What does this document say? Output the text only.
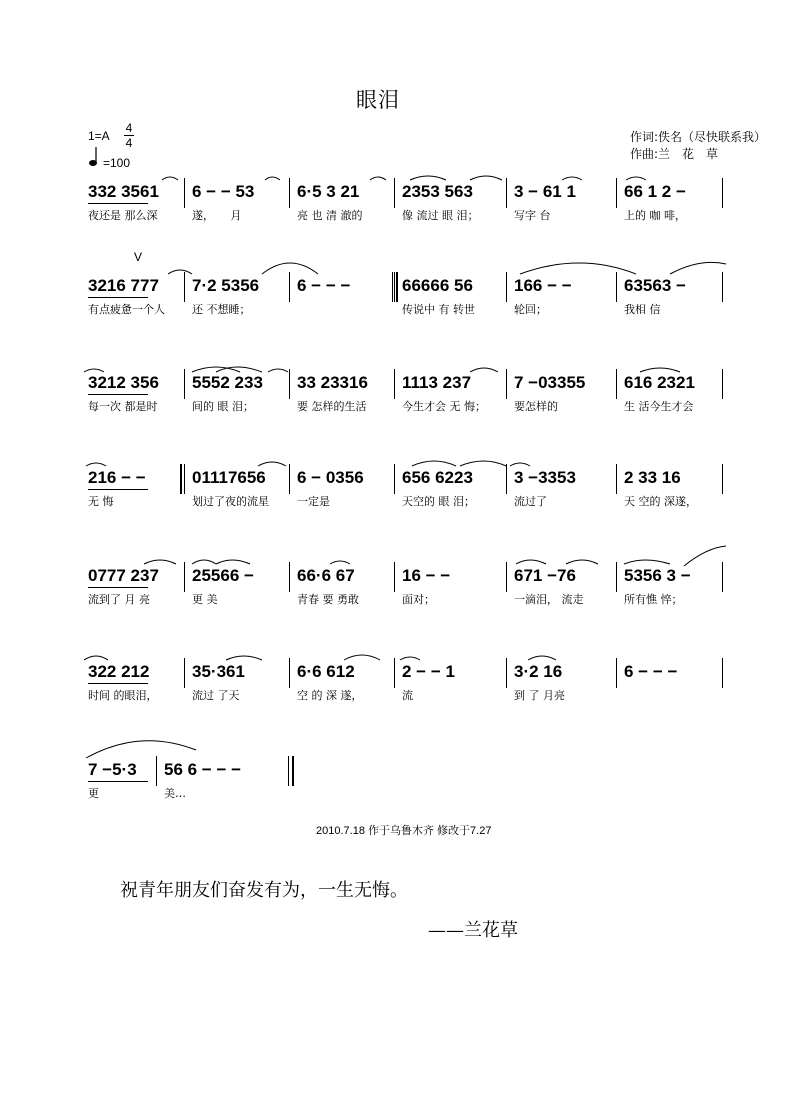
眼泪
1=A
4
4
=100
作词:佚名（尽快联系我）
作曲:兰　花　草
V
332 3561
夜还是 那么深
6 − − 53
遂，　　月
6·5 3 21
亮 也 清 澈的
2353 563
像 流过 眼 泪；
3 − 61 1
写字 台
66 1 2 −
上的 咖 啡，
3216 777
有点疲惫一个人
7·2 5356
还 不想睡；
6 − − −	66666 56
传说中 有 转世
166 − −
轮回；
63563 −
我相 信
3212 356
每一次 都是时
5552 233
间的 眼 泪；
33 23316
要 怎样的生活
1113 237
今生才会 无 悔；
7 −03355
要怎样的
616 2321
生 活今生才会
216 − −
无 悔
01117656
划过了夜的流星
6 − 0356
一定是
656 6223
天空的 眼 泪；
3 −3353
流过了
2 33 16
天 空的 深遂，
0777 237
流到了 月 亮
25566 −
更 美
66·6 67
青春 要 勇敢
16 − −
面对；
671 −76
一滴泪， 流走
5356 3 −
所有憔 悴；
322 212
时间 的眼泪，
35·361
流过 了天
6·6 612
空 的 深 遂，
2 − − 1
流
3·2 16
到 了 月亮
6 − − −
7 −5·3
更
56 6 − − −
美…
2010.7.18 作于乌鲁木齐 修改于7.27
祝青年朋友们奋发有为，一生无悔。
——兰花草
